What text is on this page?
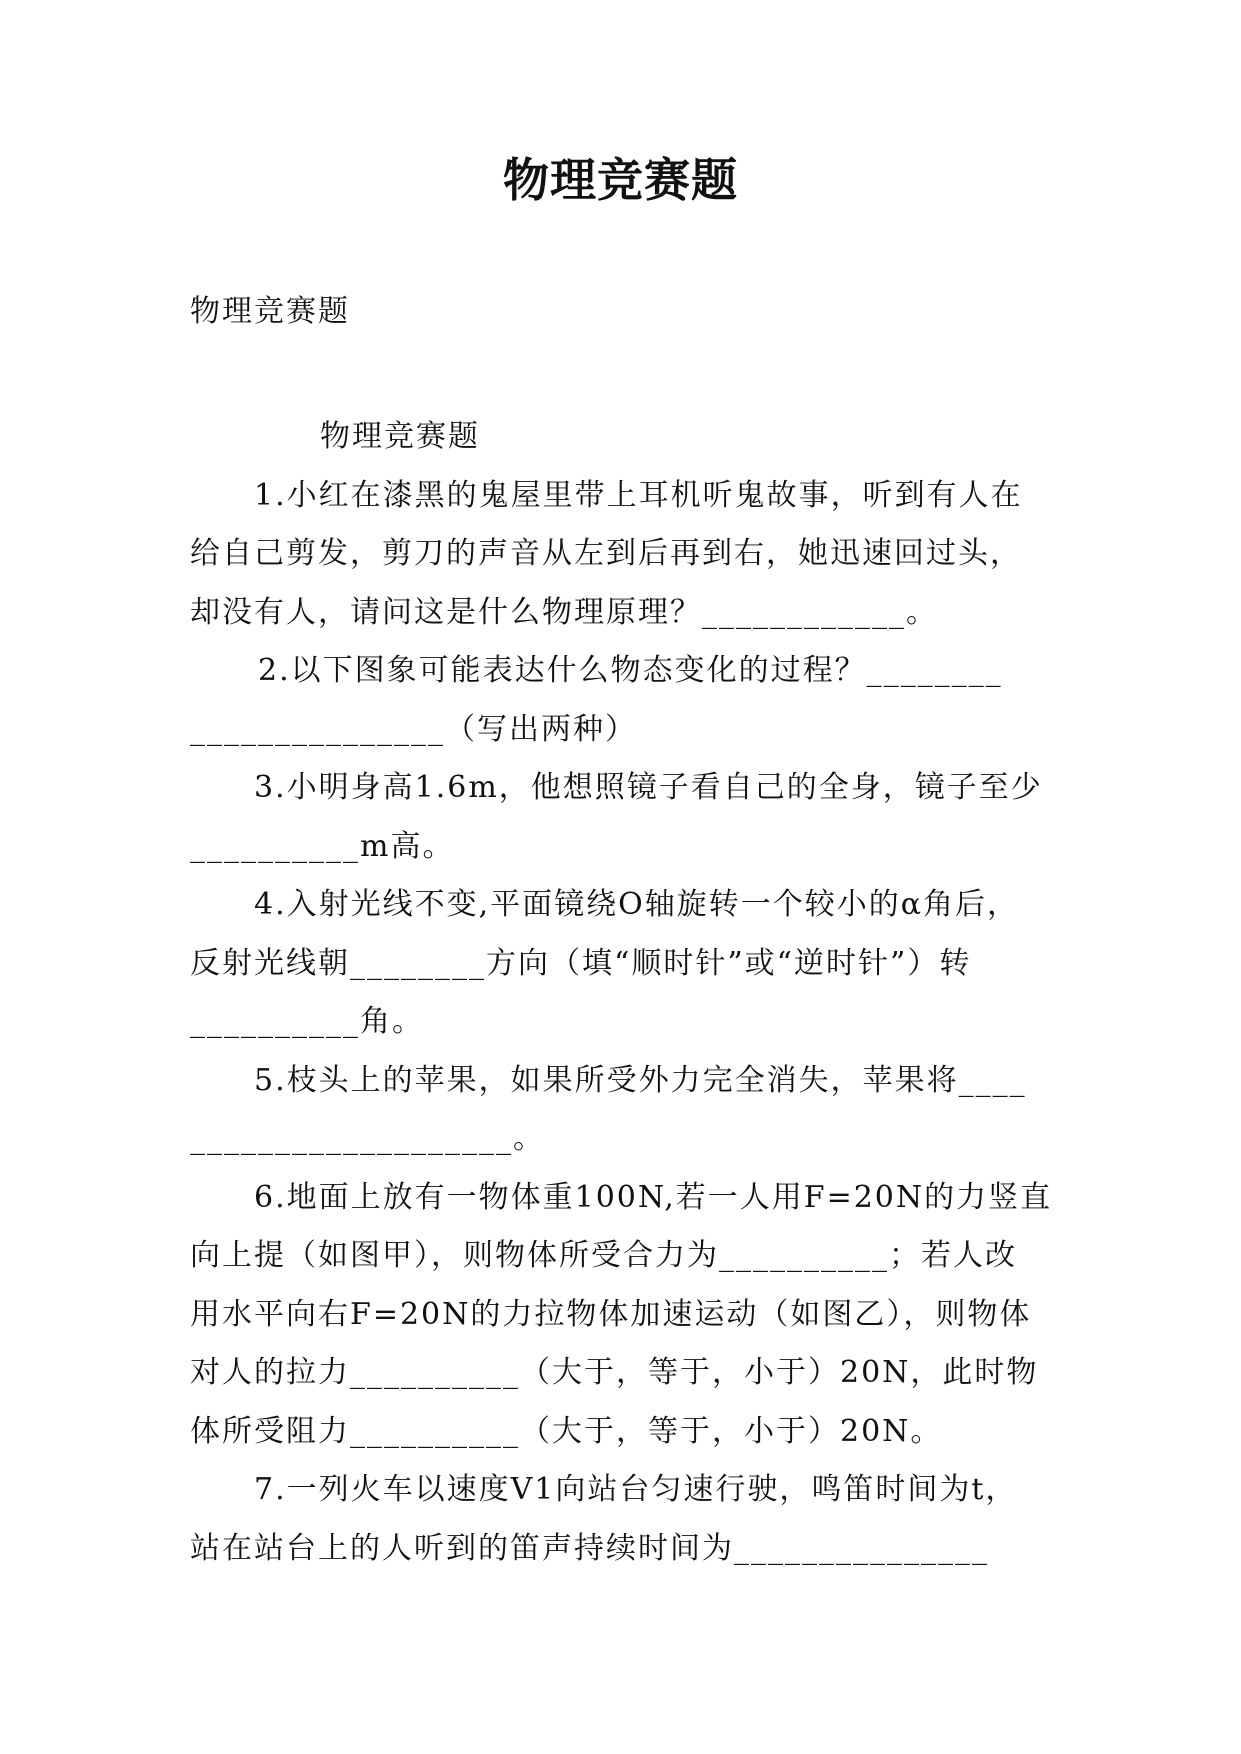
物理竞赛题
物理竞赛题
物理竞赛题
1.小红在漆黑的鬼屋里带上耳机听鬼故事，听到有人在
给自己剪发，剪刀的声音从左到后再到右，她迅速回过头，
却没有人，请问这是什么物理原理？____________。
2.以下图象可能表达什么物态变化的过程？________
_______________（写出两种）
3.小明身高1.6m，他想照镜子看自己的全身，镜子至少
__________m高。
4.入射光线不变,平面镜绕O轴旋转一个较小的α角后，
反射光线朝________方向（填“顺时针”或“逆时针”）转
__________角。
5.枝头上的苹果，如果所受外力完全消失，苹果将____
___________________。
6.地面上放有一物体重100N,若一人用F=20N的力竖直
向上提（如图甲），则物体所受合力为__________；若人改
用水平向右F=20N的力拉物体加速运动（如图乙），则物体
对人的拉力__________（大于，等于，小于）20N，此时物
体所受阻力__________（大于，等于，小于）20N。
7.一列火车以速度V1向站台匀速行驶，鸣笛时间为t，
站在站台上的人听到的笛声持续时间为_______________
